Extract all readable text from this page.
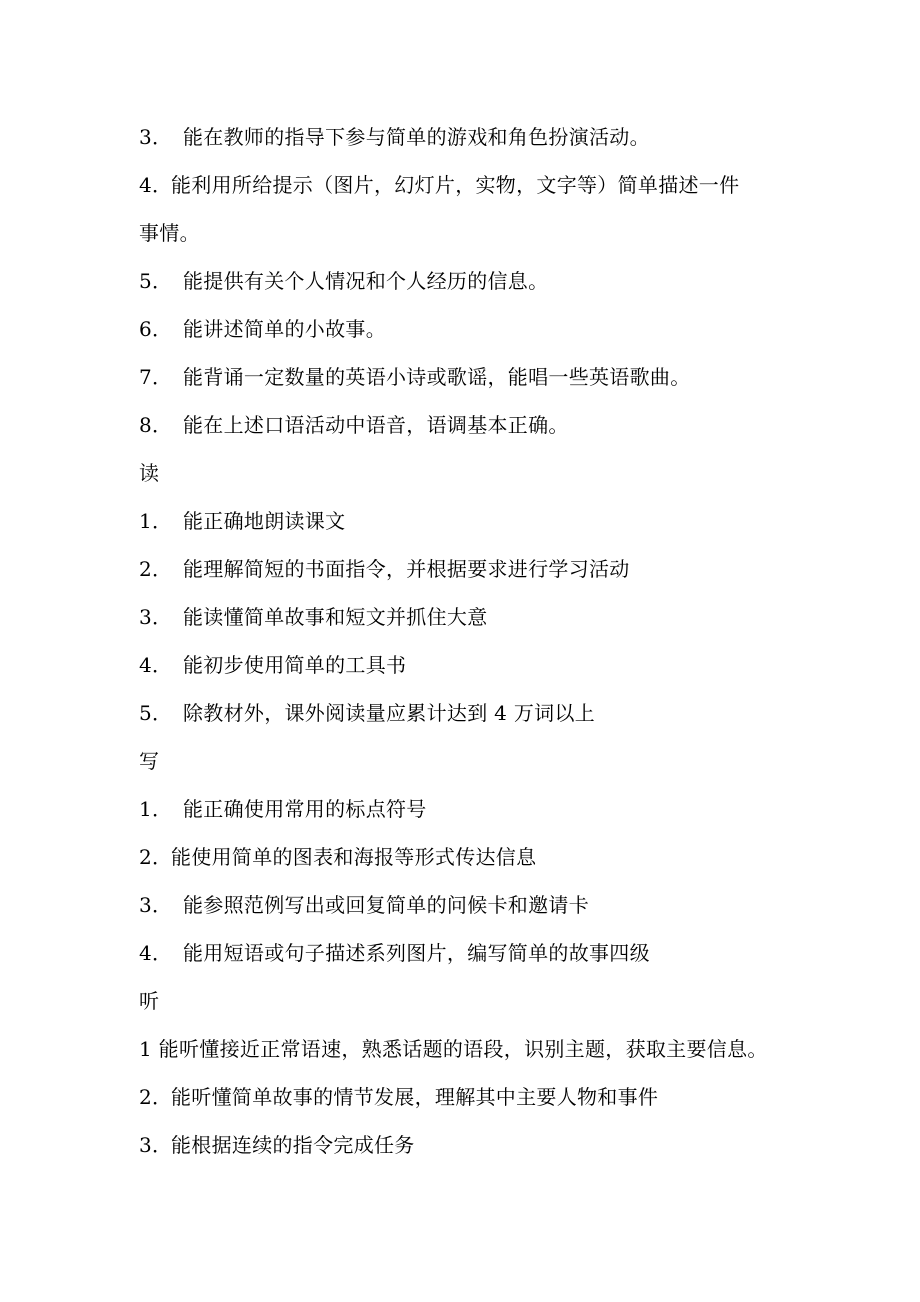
3． 能在教师的指导下参与简单的游戏和角色扮演活动。
4．能利用所给提示（图片，幻灯片，实物，文字等）简单描述一件
事情。
5． 能提供有关个人情况和个人经历的信息。
6． 能讲述简单的小故事。
7． 能背诵一定数量的英语小诗或歌谣，能唱一些英语歌曲。
8． 能在上述口语活动中语音，语调基本正确。
读
1． 能正确地朗读课文
2． 能理解简短的书面指令，并根据要求进行学习活动
3． 能读懂简单故事和短文并抓住大意
4． 能初步使用简单的工具书
5． 除教材外，课外阅读量应累计达到 4 万词以上
写
1． 能正确使用常用的标点符号
2．能使用简单的图表和海报等形式传达信息
3． 能参照范例写出或回复简单的问候卡和邀请卡
4． 能用短语或句子描述系列图片，编写简单的故事四级
听
1 能听懂接近正常语速，熟悉话题的语段，识别主题，获取主要信息。
2．能听懂简单故事的情节发展，理解其中主要人物和事件
3．能根据连续的指令完成任务
